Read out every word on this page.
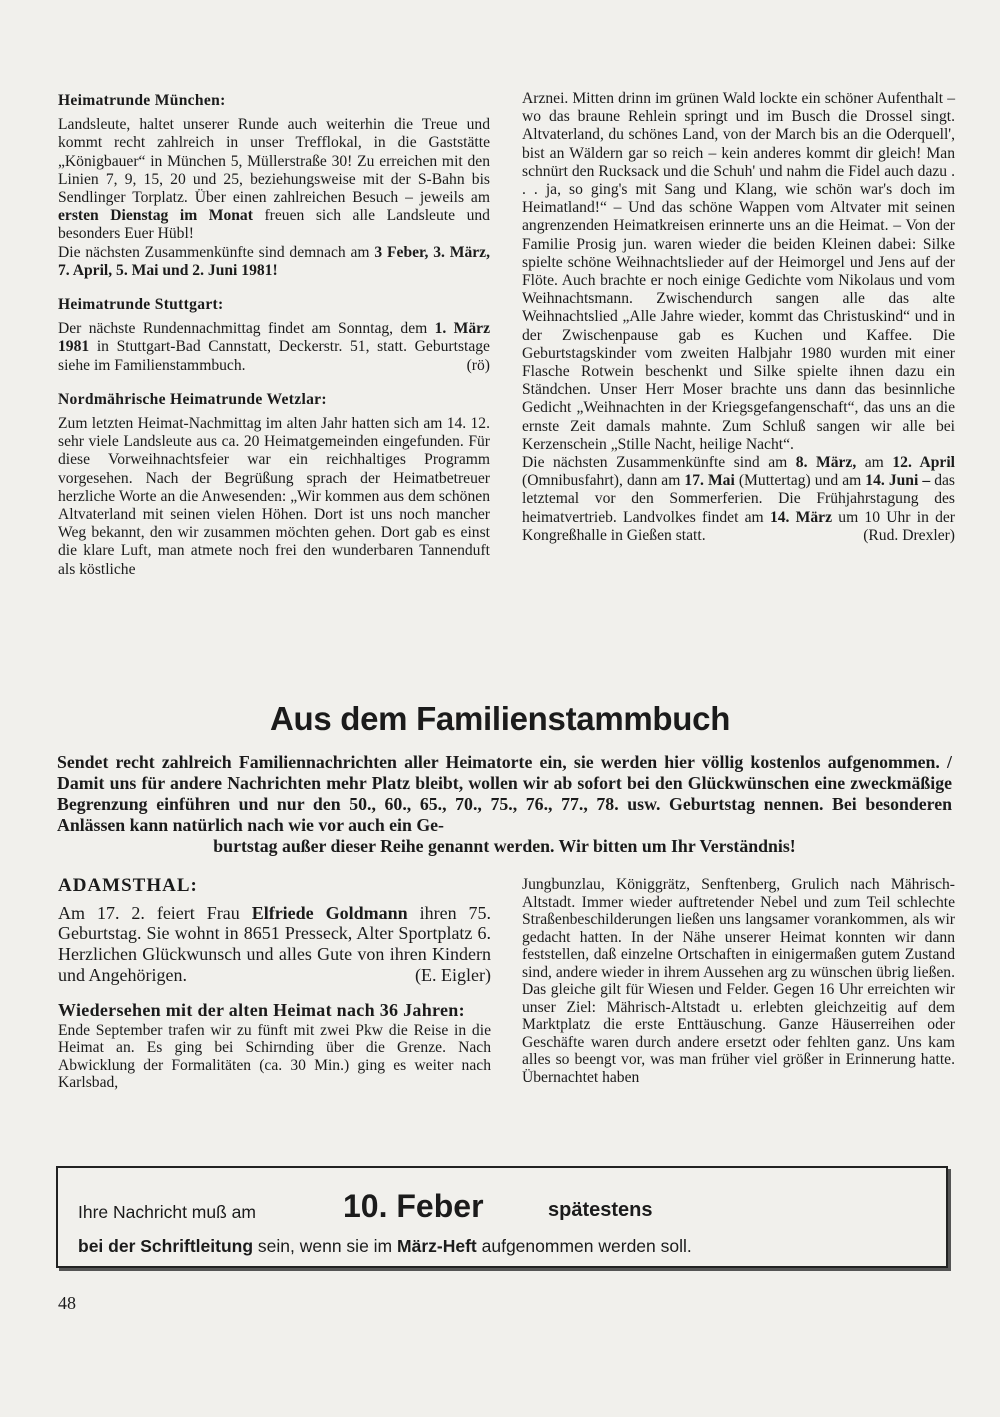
Heimatrunde München:

Landsleute, haltet unserer Runde auch weiterhin die Treue und kommt recht zahlreich in unser Trefflokal, in die Gaststätte „Königbauer“ in München 5, Müllerstraße 30! Zu erreichen mit den Linien 7, 9, 15, 20 und 25, beziehungsweise mit der S-Bahn bis Sendlinger Torplatz. Über einen zahlreichen Besuch – jeweils am ersten Dienstag im Monat freuen sich alle Landsleute und besonders Euer Hübl!

Die nächsten Zusammenkünfte sind demnach am 3 Feber, 3. März, 7. April, 5. Mai und 2. Juni 1981!

Heimatrunde Stuttgart:

Der nächste Rundennachmittag findet am Sonntag, dem 1. März 1981 in Stuttgart-Bad Cannstatt, Deckerstr. 51, statt. Geburtstage siehe im Familienstammbuch.	(rö)

Nordmährische Heimatrunde Wetzlar:

Zum letzten Heimat-Nachmittag im alten Jahr hatten sich am 14. 12. sehr viele Landsleute aus ca. 20 Heimatgemeinden eingefunden. Für diese Vorweihnachtsfeier war ein reichhaltiges Programm vorgesehen. Nach der Begrüßung sprach der Heimatbetreuer herzliche Worte an die Anwesenden: „Wir kommen aus dem schönen Altvaterland mit seinen vielen Höhen. Dort ist uns noch mancher Weg bekannt, den wir zusammen möchten gehen. Dort gab es einst die klare Luft, man atmete noch frei den wunderbaren Tannenduft als köstliche

Arznei. Mitten drinn im grünen Wald lockte ein schöner Aufenthalt – wo das braune Rehlein springt und im Busch die Drossel singt. Altvaterland, du schönes Land, von der March bis an die Oderquell', bist an Wäldern gar so reich – kein anderes kommt dir gleich! Man schnürt den Rucksack und die Schuh' und nahm die Fidel auch dazu . . . ja, so ging's mit Sang und Klang, wie schön war's doch im Heimatland!“ – Und das schöne Wappen vom Altvater mit seinen angrenzenden Heimatkreisen erinnerte uns an die Heimat. – Von der Familie Prosig jun. waren wieder die beiden Kleinen dabei: Silke spielte schöne Weihnachtslieder auf der Heimorgel und Jens auf der Flöte. Auch brachte er noch einige Gedichte vom Nikolaus und vom Weihnachtsmann. Zwischendurch sangen alle das alte Weihnachtslied „Alle Jahre wieder, kommt das Christuskind“ und in der Zwischenpause gab es Kuchen und Kaffee. Die Geburtstagskinder vom zweiten Halbjahr 1980 wurden mit einer Flasche Rotwein beschenkt und Silke spielte ihnen dazu ein Ständchen. Unser Herr Moser brachte uns dann das besinnliche Gedicht „Weihnachten in der Kriegsgefangenschaft“, das uns an die ernste Zeit damals mahnte. Zum Schluß sangen wir alle bei Kerzenschein „Stille Nacht, heilige Nacht“.

Die nächsten Zusammenkünfte sind am 8. März, am 12. April (Omnibusfahrt), dann am 17. Mai (Muttertag) und am 14. Juni – das letztemal vor den Sommerferien. Die Frühjahrstagung des heimatvertrieb. Landvolkes findet am 14. März um 10 Uhr in der Kongreßhalle in Gießen statt.	(Rud. Drexler)

Aus dem Familienstammbuch
Sendet recht zahlreich Familiennachrichten aller Heimatorte ein, sie werden hier völlig kostenlos aufgenommen. / Damit uns für andere Nachrichten mehr Platz bleibt, wollen wir ab sofort bei den Glückwünschen eine zweckmäßige Begrenzung einführen und nur den 50., 60., 65., 70., 75., 76., 77., 78. usw. Geburtstag nennen. Bei besonderen Anlässen kann natürlich nach wie vor auch ein Ge-
burtstag außer dieser Reihe genannt werden. Wir bitten um Ihr Verständnis!
ADAMSTHAL:

Am 17. 2. feiert Frau Elfriede Goldmann ihren 75. Geburtstag. Sie wohnt in 8651 Presseck, Alter Sportplatz 6. Herzlichen Glückwunsch und alles Gute von ihren Kindern und Angehörigen.	(E. Eigler)

Wiedersehen mit der alten Heimat nach 36 Jahren:

Ende September trafen wir zu fünft mit zwei Pkw die Reise in die Heimat an. Es ging bei Schirnding über die Grenze. Nach Abwicklung der Formalitäten (ca. 30 Min.) ging es weiter nach Karlsbad,

Jungbunzlau, Königgrätz, Senftenberg, Grulich nach Mährisch-Altstadt. Immer wieder auftretender Nebel und zum Teil schlechte Straßenbeschilderungen ließen uns langsamer vorankommen, als wir gedacht hatten. In der Nähe unserer Heimat konnten wir dann feststellen, daß einzelne Ortschaften in einigermaßen gutem Zustand sind, andere wieder in ihrem Aussehen arg zu wünschen übrig ließen. Das gleiche gilt für Wiesen und Felder. Gegen 16 Uhr erreichten wir unser Ziel: Mährisch-Altstadt u. erlebten gleichzeitig auf dem Marktplatz die erste Enttäuschung. Ganze Häuserreihen oder Geschäfte waren durch andere ersetzt oder fehlten ganz. Uns kam alles so beengt vor, was man früher viel größer in Erinnerung hatte. Übernachtet haben

Ihre Nachricht muß am	10. Feber	spätestens
bei der Schriftleitung sein, wenn sie im März-Heft aufgenommen werden soll.
48
